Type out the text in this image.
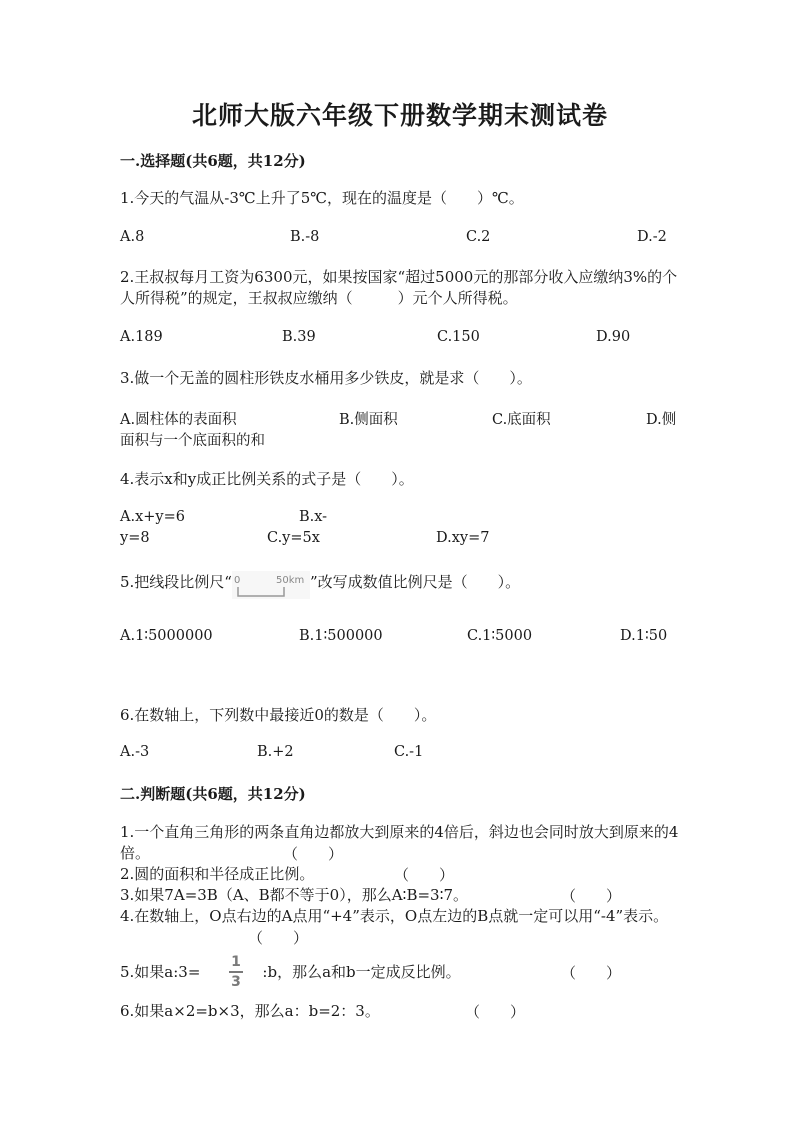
北师大版六年级下册数学期末测试卷
一.选择题(共6题，共12分)
1.今天的气温从-3℃上升了5℃，现在的温度是（　　）℃。
A.8	B.-8	C.2	D.-2
2.王叔叔每月工资为6300元，如果按国家“超过5000元的那部分收入应缴纳3%的个人所得税”的规定，王叔叔应缴纳（　　　）元个人所得税。
A.189	B.39	C.150	D.90
3.做一个无盖的圆柱形铁皮水桶用多少铁皮，就是求（　　）。
A.圆柱体的表面积	B.侧面积	C.底面积	D.侧
面积与一个底面积的和
4.表示x和y成正比例关系的式子是（　　）。
A.x+y=6	B.x-
y=8	C.y=5x	D.xy=7
5.把线段比例尺“ 0	50km ”改写成数值比例尺是（　　）。
A.1∶5000000	B.1∶500000	C.1∶5000	D.1∶50
6.在数轴上，下列数中最接近0的数是（　　）。
A.-3	B.+2	C.-1
二.判断题(共6题，共12分)
1.一个直角三角形的两条直角边都放大到原来的4倍后，斜边也会同时放大到原来的4倍。	（　　）
2.圆的面积和半径成正比例。	（　　）
3.如果7A=3B（A、B都不等于0），那么A∶B=3∶7。	（　　）
4.在数轴上，O点右边的A点用“+4”表示，O点左边的B点就一定可以用“-4”表示。
（　　）
5.如果a:3=	:b，那么a和b一定成反比例。
1
3	（　　）
6.如果a×2=b×3，那么a：b=2：3。	（　　）
